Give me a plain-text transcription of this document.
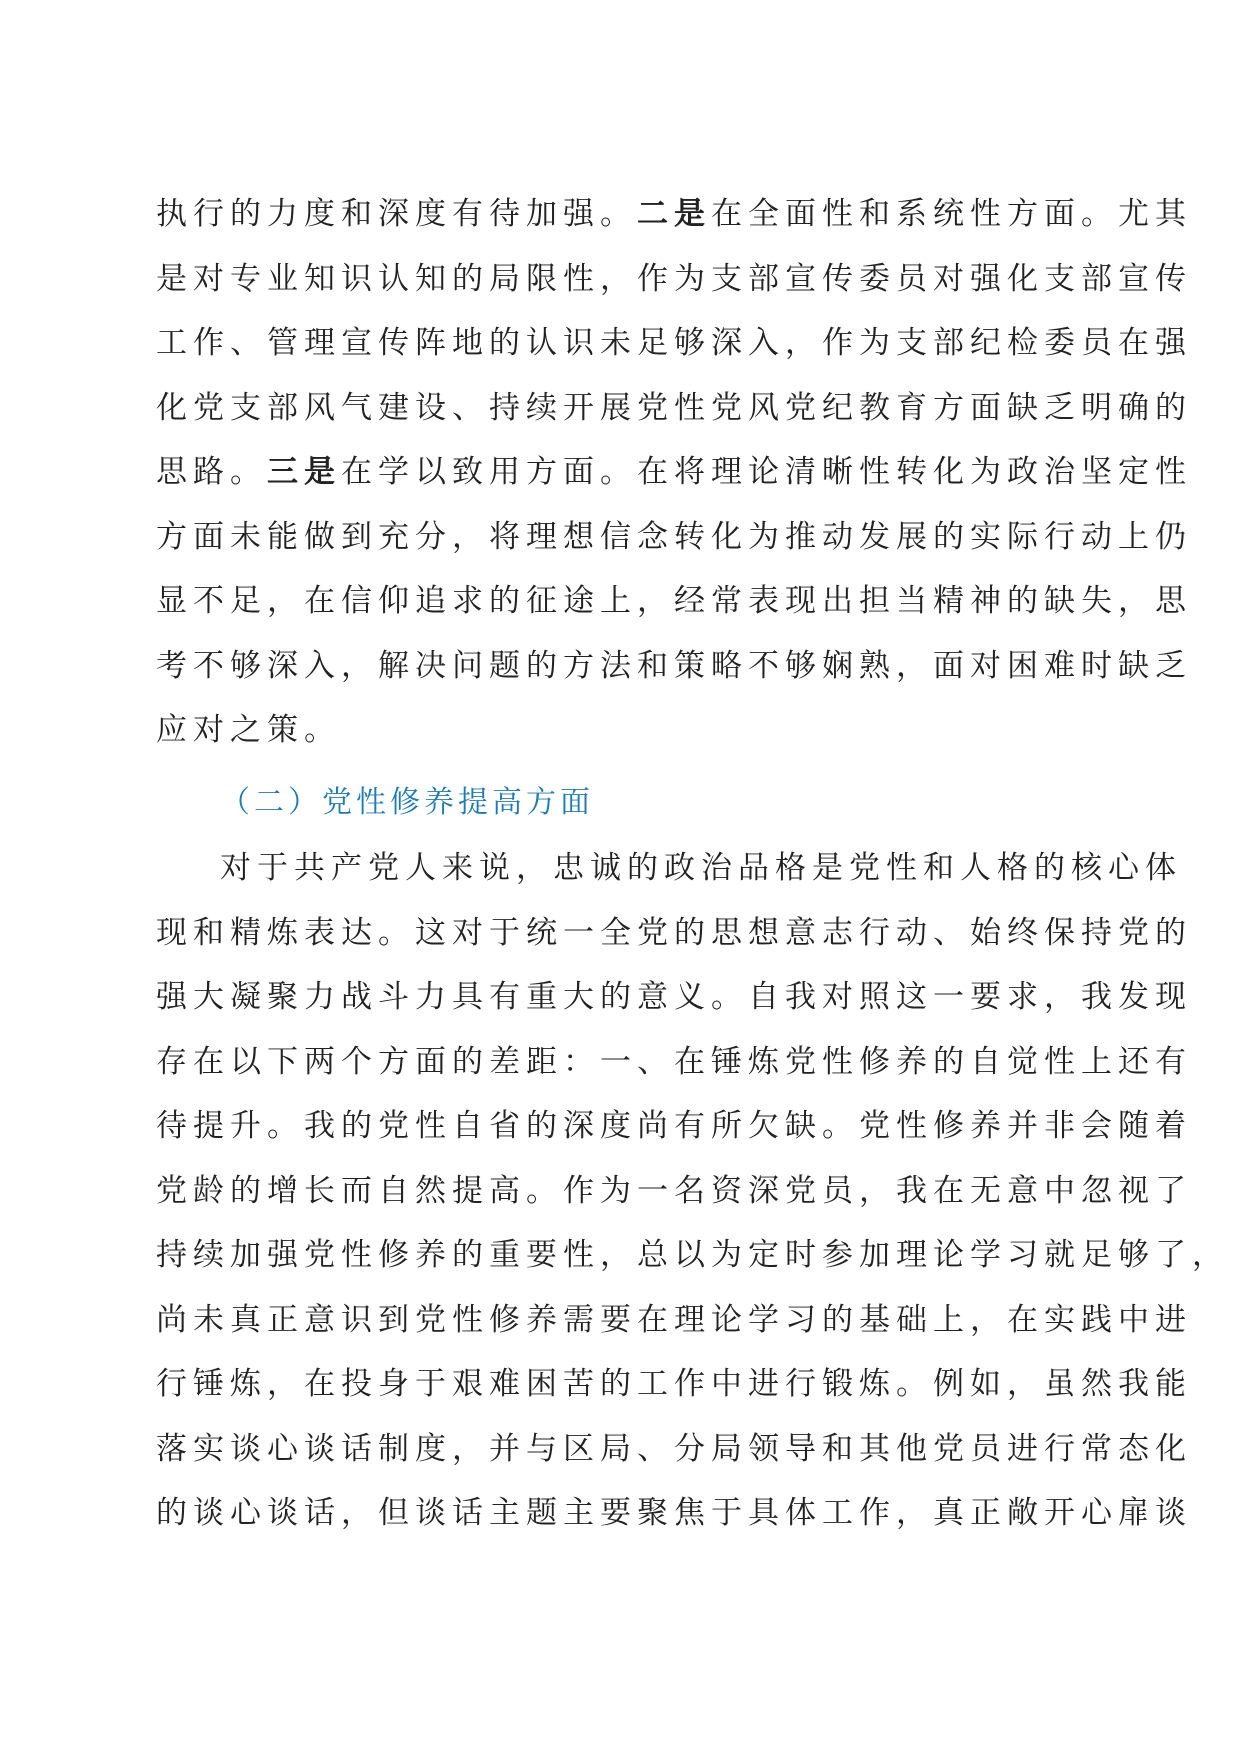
执行的力度和深度有待加强。二是在全面性和系统性方面。尤其
是对专业知识认知的局限性，作为支部宣传委员对强化支部宣传
工作、管理宣传阵地的认识未足够深入，作为支部纪检委员在强
化党支部风气建设、持续开展党性党风党纪教育方面缺乏明确的
思路。三是在学以致用方面。在将理论清晰性转化为政治坚定性
方面未能做到充分，将理想信念转化为推动发展的实际行动上仍
显不足，在信仰追求的征途上，经常表现出担当精神的缺失，思
考不够深入，解决问题的方法和策略不够娴熟，面对困难时缺乏
应对之策。
（二）党性修养提高方面
对于共产党人来说，忠诚的政治品格是党性和人格的核心体
现和精炼表达。这对于统一全党的思想意志行动、始终保持党的
强大凝聚力战斗力具有重大的意义。自我对照这一要求，我发现
存在以下两个方面的差距：一、在锤炼党性修养的自觉性上还有
待提升。我的党性自省的深度尚有所欠缺。党性修养并非会随着
党龄的增长而自然提高。作为一名资深党员，我在无意中忽视了
持续加强党性修养的重要性，总以为定时参加理论学习就足够了，
尚未真正意识到党性修养需要在理论学习的基础上，在实践中进
行锤炼，在投身于艰难困苦的工作中进行锻炼。例如，虽然我能
落实谈心谈话制度，并与区局、分局领导和其他党员进行常态化
的谈心谈话，但谈话主题主要聚焦于具体工作，真正敞开心扉谈
